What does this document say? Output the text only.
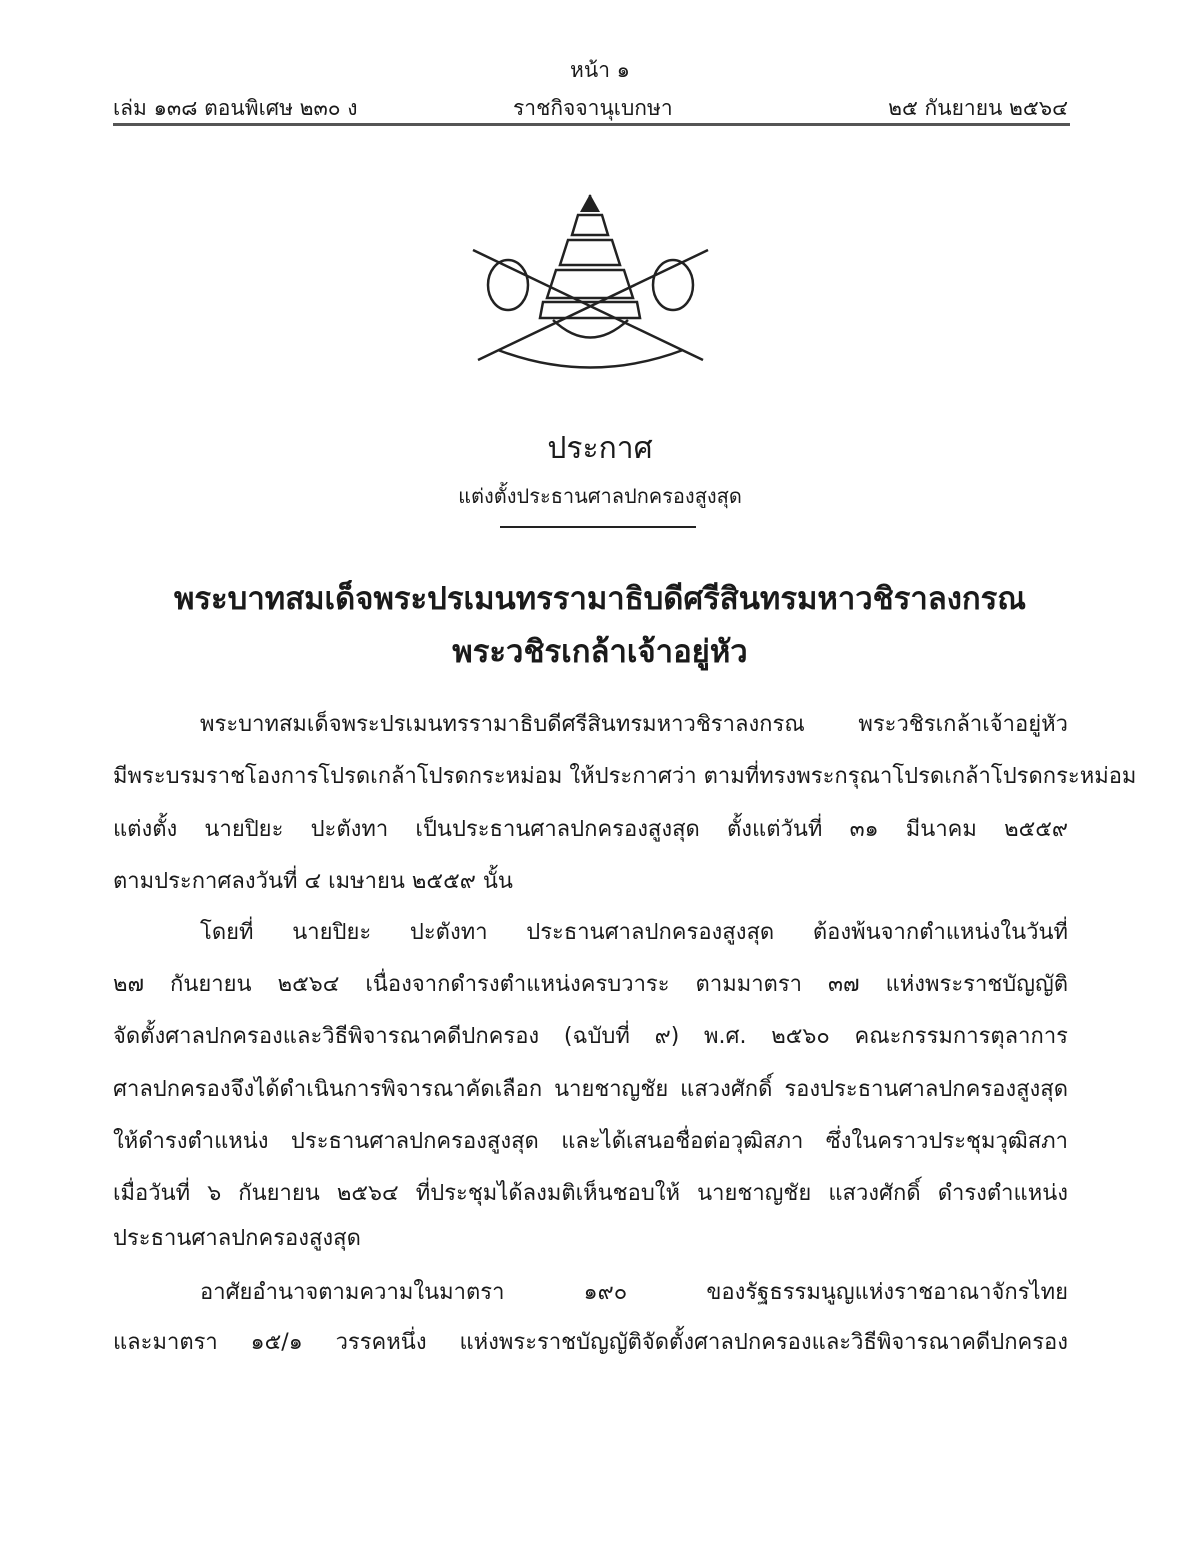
หน้า ๑
เล่ม ๑๓๘ ตอนพิเศษ ๒๓๐ ง	ราชกิจจานุเบกษา	๒๕ กันยายน ๒๕๖๔
ประกาศ
แต่งตั้งประธานศาลปกครองสูงสุด
พระบาทสมเด็จพระปรเมนทรรามาธิบดีศรีสินทรมหาวชิราลงกรณ
พระวชิรเกล้าเจ้าอยู่หัว
พระบาทสมเด็จพระปรเมนทรรามาธิบดีศรีสินทรมหาวชิราลงกรณ พระวชิรเกล้าเจ้าอยู่หัว
มีพระบรมราชโองการโปรดเกล้าโปรดกระหม่อม ให้ประกาศว่า ตามที่ทรงพระกรุณาโปรดเกล้าโปรดกระหม่อม
แต่งตั้ง นายปิยะ ปะตังทา เป็นประธานศาลปกครองสูงสุด ตั้งแต่วันที่ ๓๑ มีนาคม ๒๕๕๙
ตามประกาศลงวันที่ ๔ เมษายน ๒๕๕๙ นั้น
โดยที่ นายปิยะ ปะตังทา ประธานศาลปกครองสูงสุด ต้องพ้นจากตำแหน่งในวันที่
๒๗ กันยายน ๒๕๖๔ เนื่องจากดำรงตำแหน่งครบวาระ ตามมาตรา ๓๗ แห่งพระราชบัญญัติ
จัดตั้งศาลปกครองและวิธีพิจารณาคดีปกครอง (ฉบับที่ ๙) พ.ศ. ๒๕๖๐ คณะกรรมการตุลาการ
ศาลปกครองจึงได้ดำเนินการพิจารณาคัดเลือก นายชาญชัย แสวงศักดิ์ รองประธานศาลปกครองสูงสุด
ให้ดำรงตำแหน่ง ประธานศาลปกครองสูงสุด และได้เสนอชื่อต่อวุฒิสภา ซึ่งในคราวประชุมวุฒิสภา
เมื่อวันที่ ๖ กันยายน ๒๕๖๔ ที่ประชุมได้ลงมติเห็นชอบให้ นายชาญชัย แสวงศักดิ์ ดำรงตำแหน่ง
ประธานศาลปกครองสูงสุด
อาศัยอำนาจตามความในมาตรา ๑๙๐ ของรัฐธรรมนูญแห่งราชอาณาจักรไทย
และมาตรา ๑๕/๑ วรรคหนึ่ง แห่งพระราชบัญญัติจัดตั้งศาลปกครองและวิธีพิจารณาคดีปกครอง
